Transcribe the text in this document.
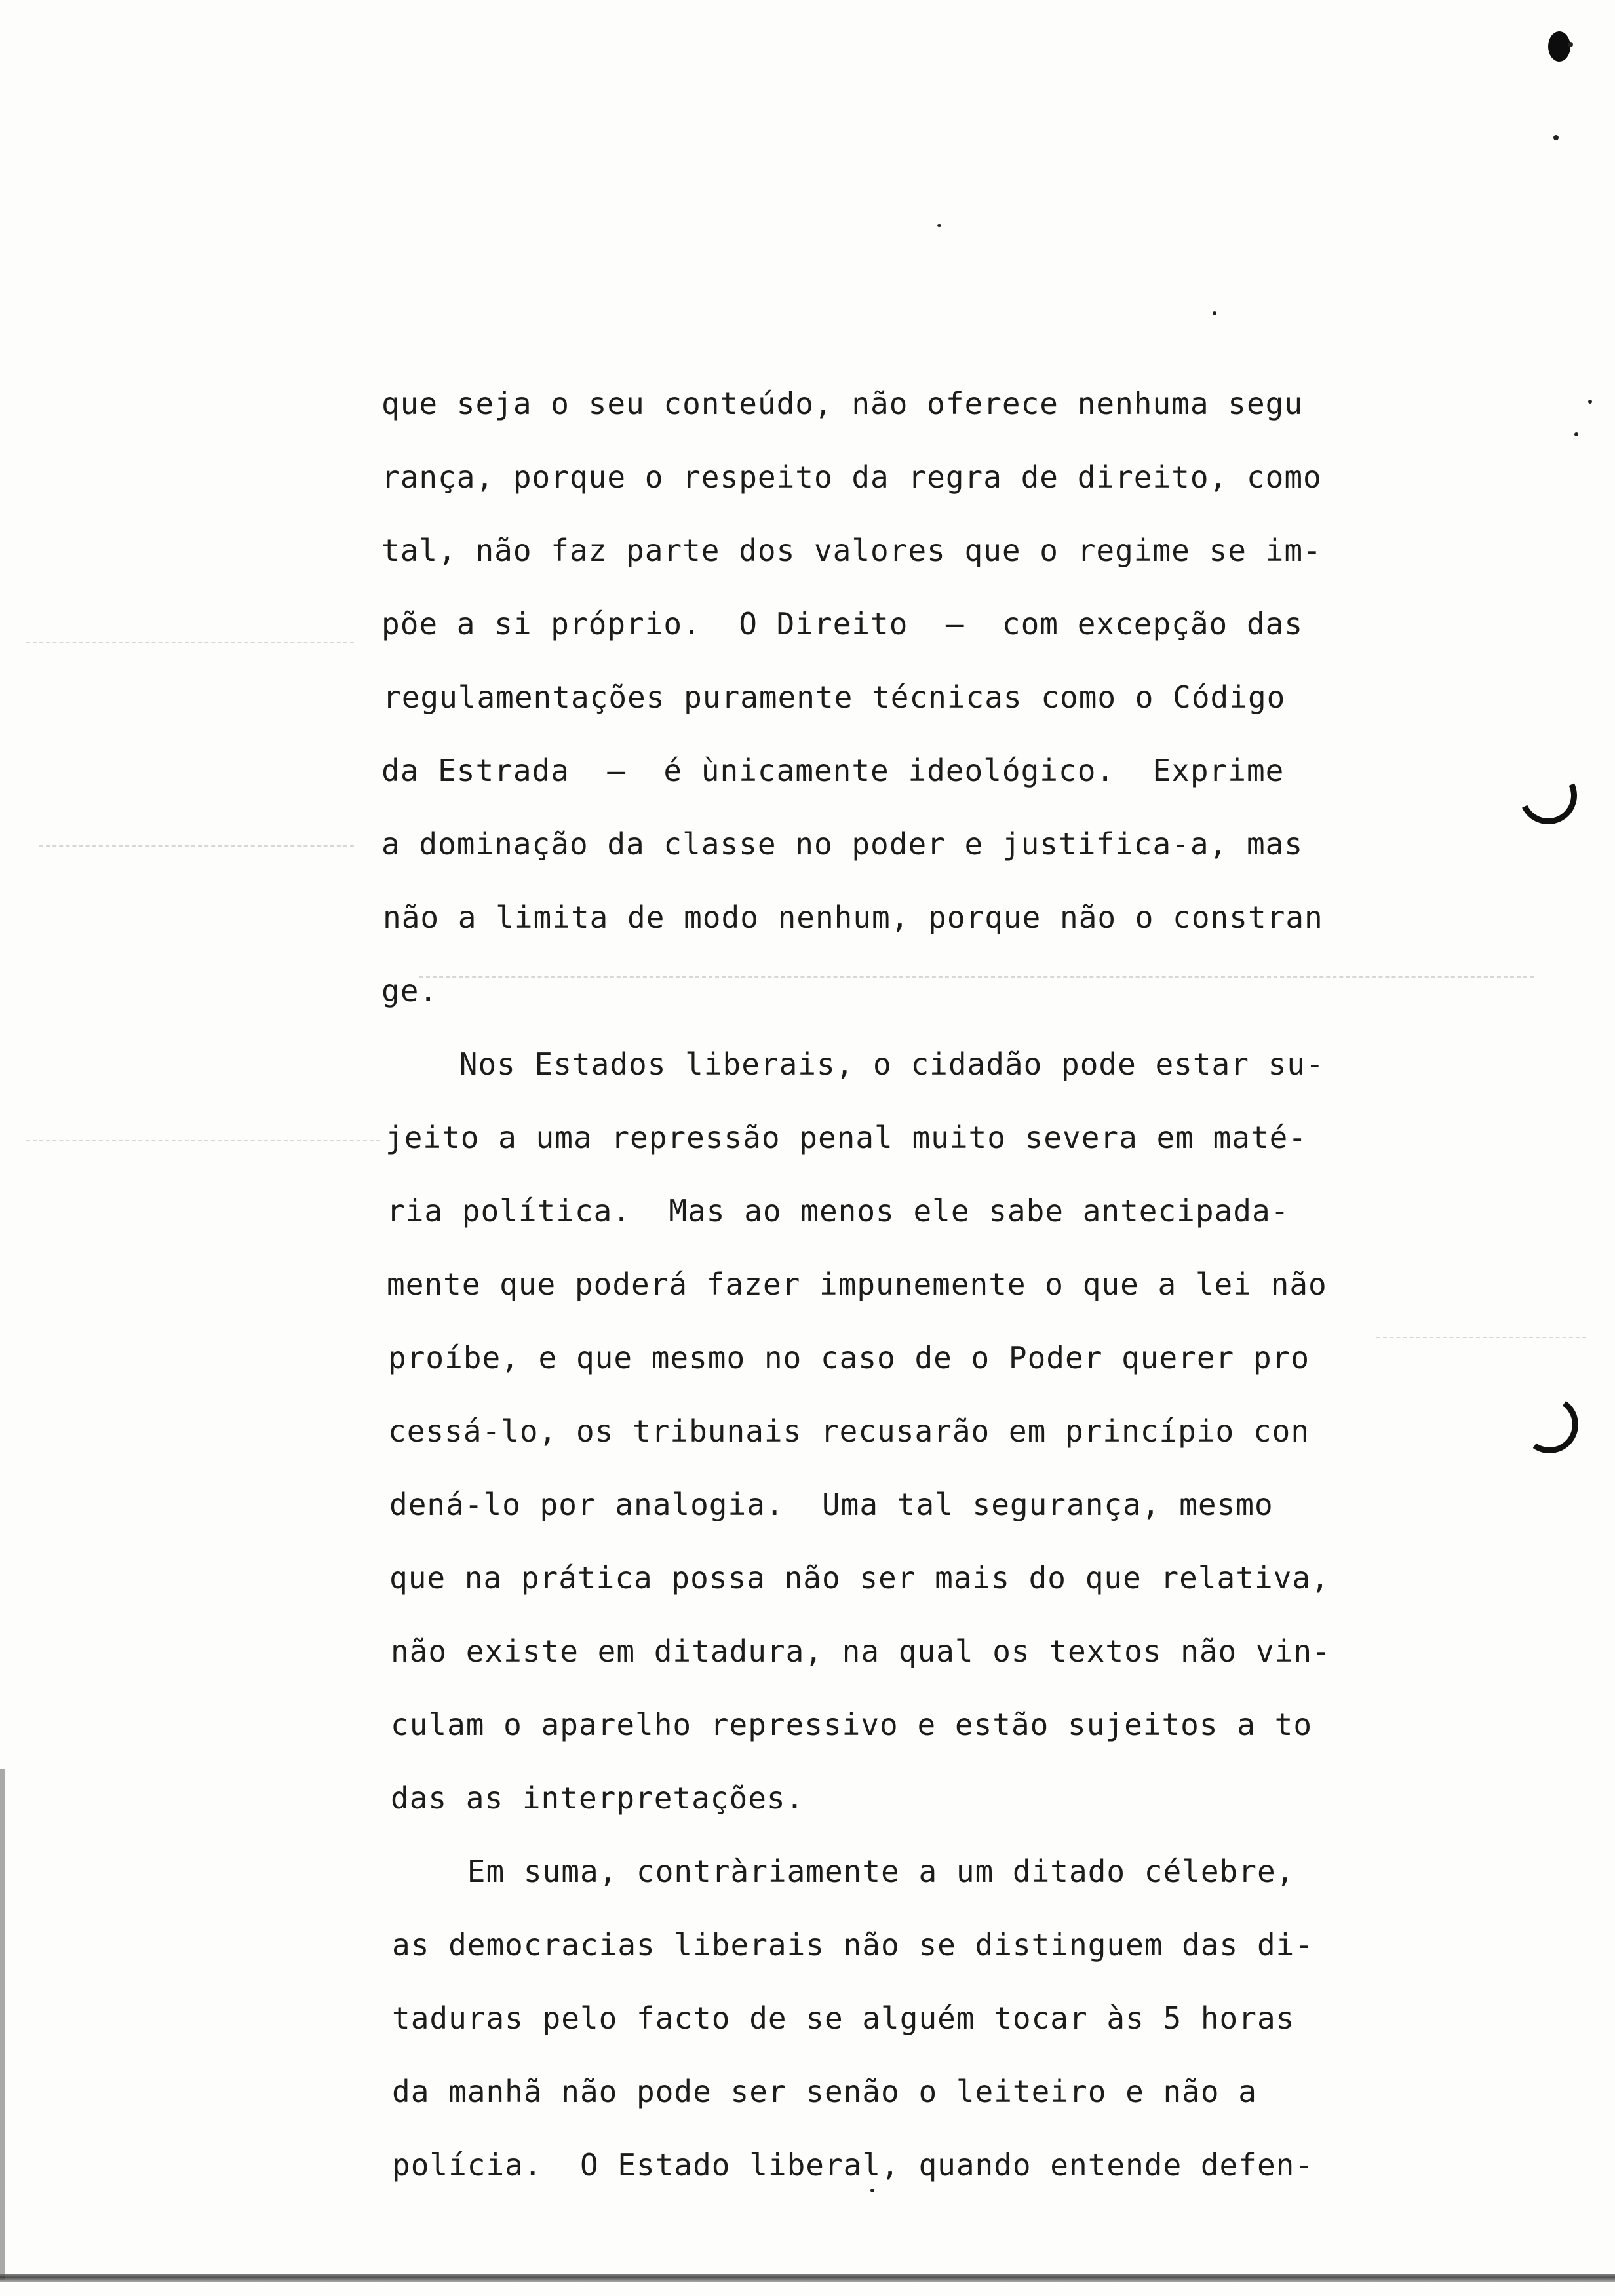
que seja o seu conteúdo, não oferece nenhuma segu
rança, porque o respeito da regra de direito, como
tal, não faz parte dos valores que o regime se im-
põe a si próprio.  O Direito  —  com excepção das
regulamentações puramente técnicas como o Código
da Estrada  —  é ùnicamente ideológico.  Exprime
a dominação da classe no poder e justifica-a, mas
não a limita de modo nenhum, porque não o constran
ge.
Nos Estados liberais, o cidadão pode estar su-
jeito a uma repressão penal muito severa em maté-
ria política.  Mas ao menos ele sabe antecipada-
mente que poderá fazer impunemente o que a lei não
proíbe, e que mesmo no caso de o Poder querer pro
cessá-lo, os tribunais recusarão em princípio con
dená-lo por analogia.  Uma tal segurança, mesmo
que na prática possa não ser mais do que relativa,
não existe em ditadura, na qual os textos não vin-
culam o aparelho repressivo e estão sujeitos a to
das as interpretações.
Em suma, contràriamente a um ditado célebre,
as democracias liberais não se distinguem das di-
taduras pelo facto de se alguém tocar às 5 horas
da manhã não pode ser senão o leiteiro e não a
polícia.  O Estado liberal, quando entende defen-
